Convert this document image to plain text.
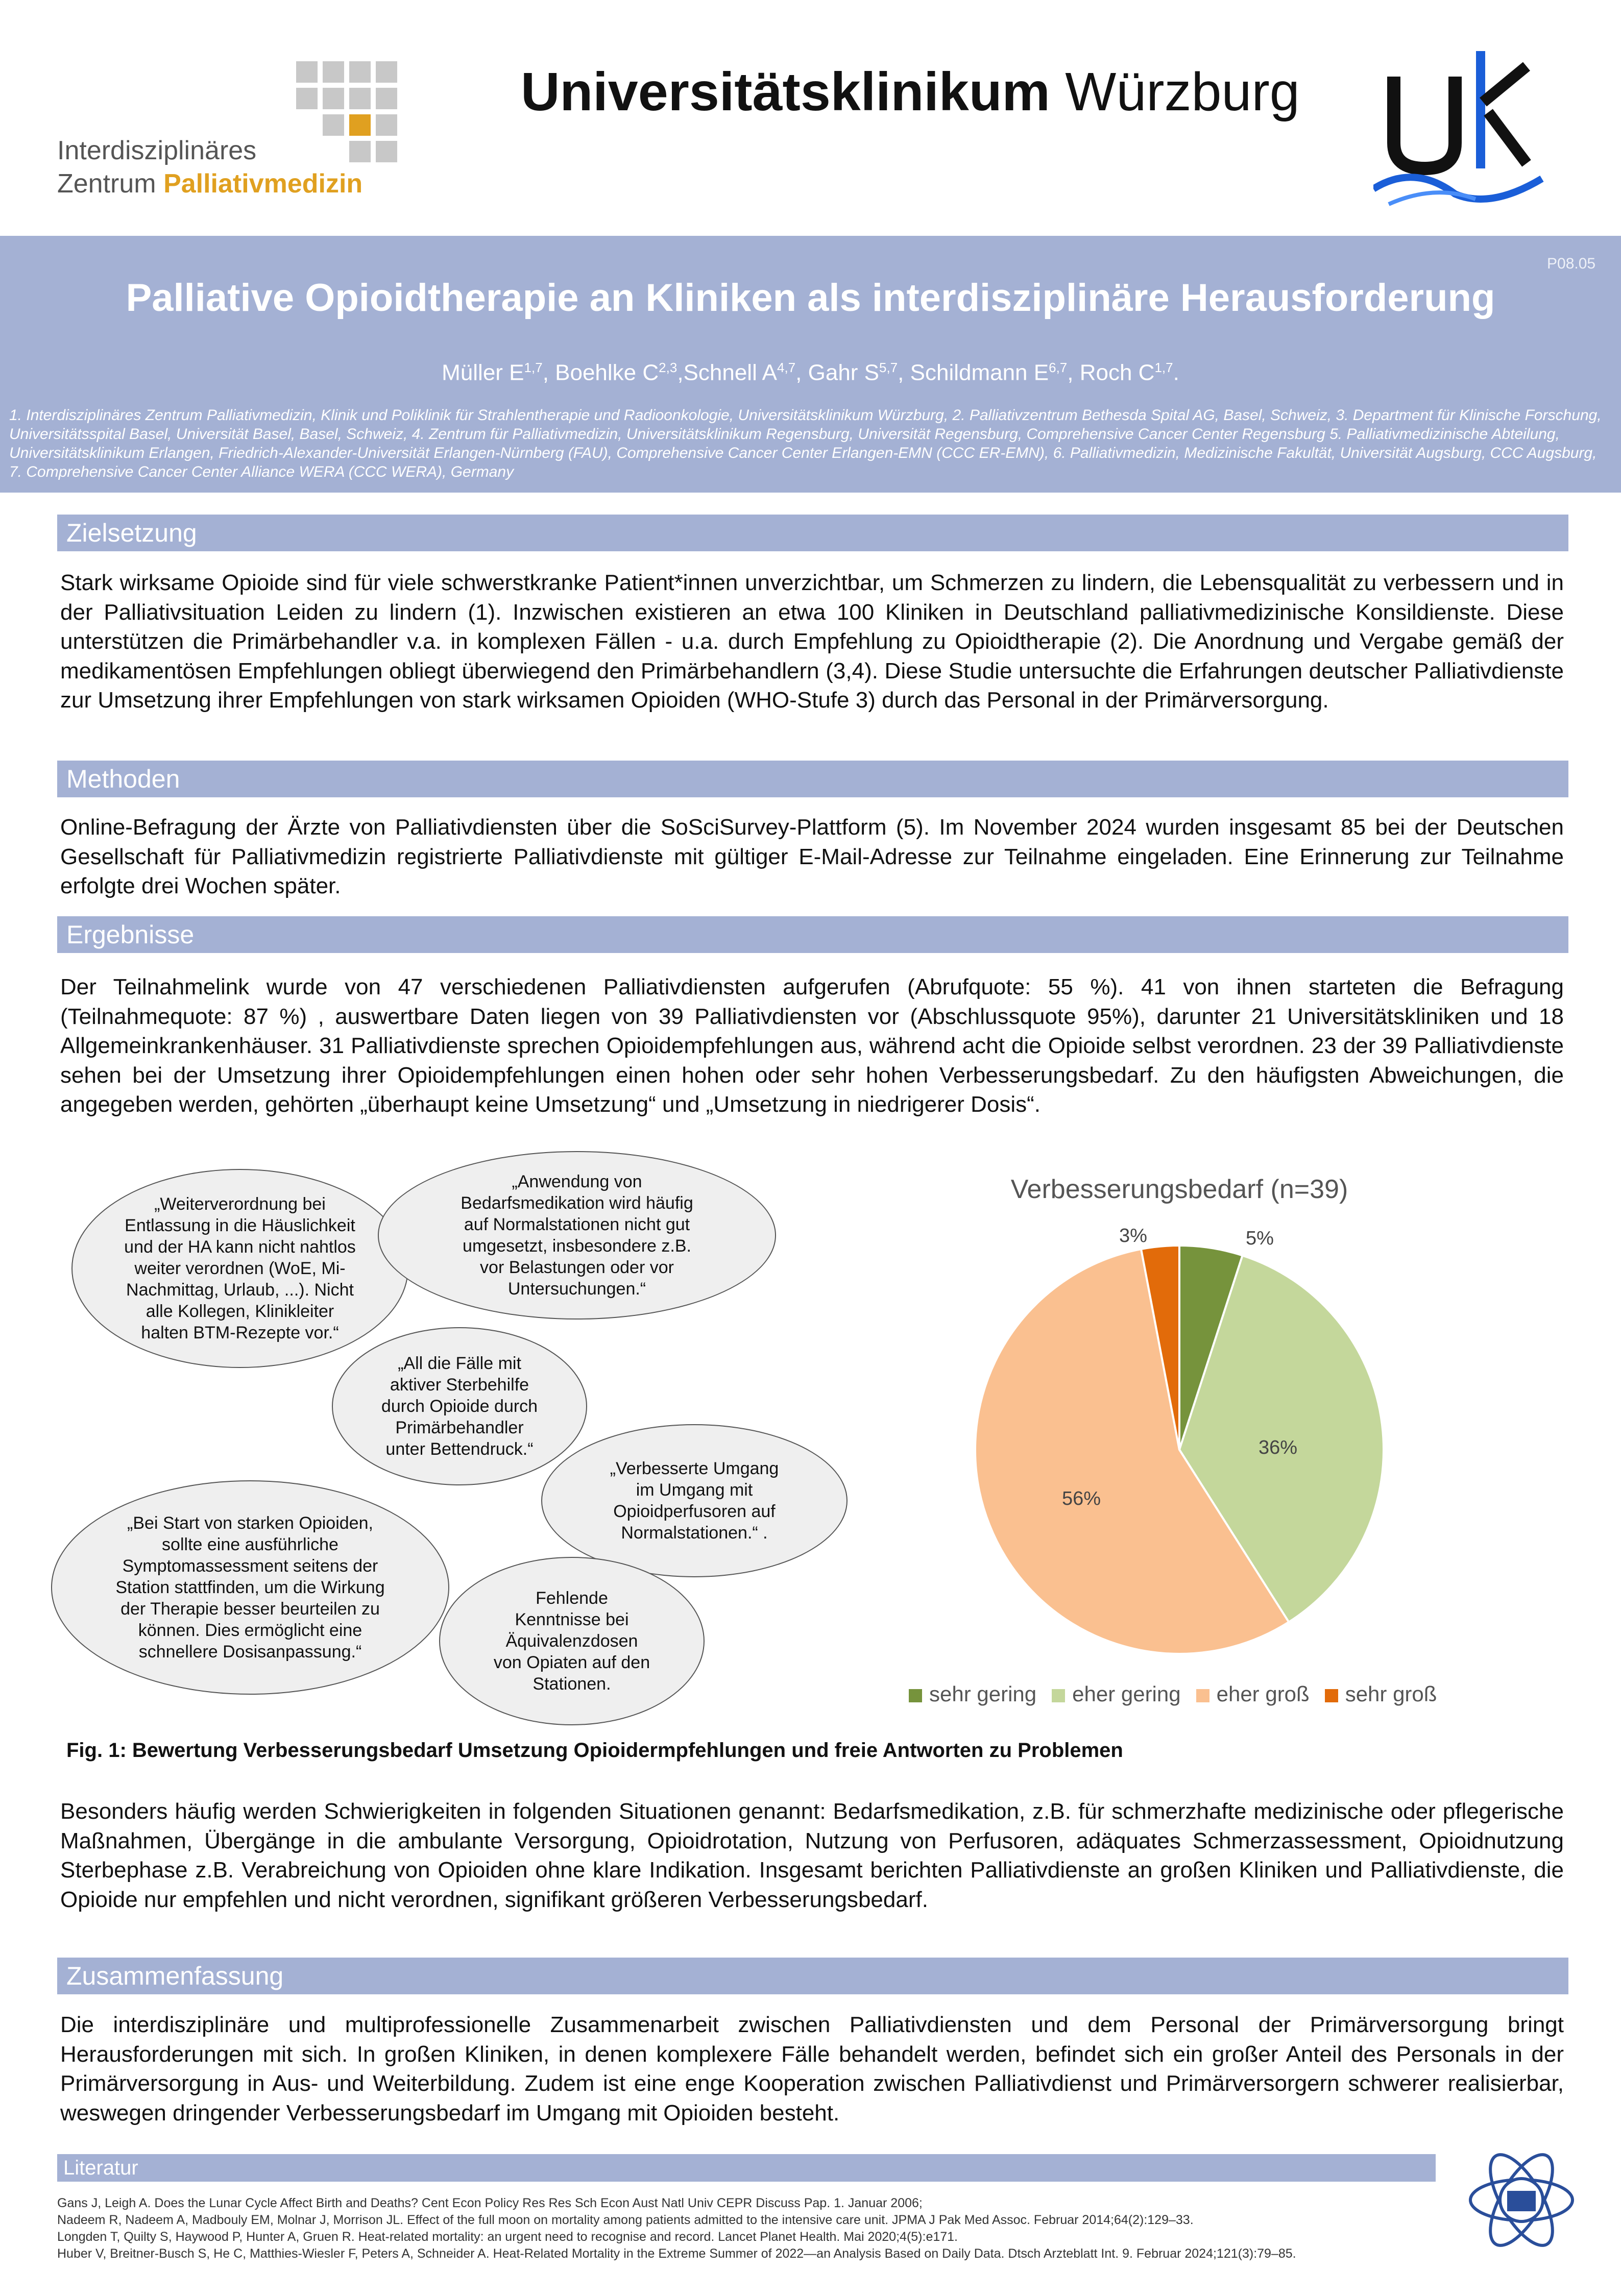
Interdisziplinäres
Zentrum Palliativmedizin
Universitätsklinikum Würzburg
P08.05
Palliative Opioidtherapie an Kliniken als interdisziplinäre Herausforderung
Müller E$^{1,7}$, Boehlke C$^{2,3}$,Schnell A$^{4,7}$, Gahr S$^{5,7}$, Schildmann E$^{6,7}$, Roch C$^{1,7}$.
1. Interdisziplinäres Zentrum Palliativmedizin, Klinik und Poliklinik für Strahlentherapie und Radioonkologie, Universitätsklinikum Würzburg, 2. Palliativzentrum Bethesda Spital AG, Basel, Schweiz, 3. Department für Klinische Forschung, Universitätsspital Basel, Universität Basel, Basel, Schweiz, 4. Zentrum für Palliativmedizin, Universitätsklinikum Regensburg, Universität Regensburg, Comprehensive Cancer Center Regensburg 5. Palliativmedizinische Abteilung, Universitätsklinikum Erlangen, Friedrich-Alexander-Universität Erlangen-Nürnberg (FAU), Comprehensive Cancer Center Erlangen-EMN (CCC ER-EMN), 6. Palliativmedizin, Medizinische Fakultät, Universität Augsburg, CCC Augsburg, 7. Comprehensive Cancer Center Alliance WERA (CCC WERA), Germany
Zielsetzung
Stark wirksame Opioide sind für viele schwerstkranke Patient*innen unverzichtbar, um Schmerzen zu lindern, die Lebensqualität zu verbessern und in der Palliativsituation Leiden zu lindern (1). Inzwischen existieren an etwa 100 Kliniken in Deutschland palliativmedizinische Konsildienste. Diese unterstützen die Primärbehandler v.a. in komplexen Fällen - u.a. durch Empfehlung zu Opioidtherapie (2). Die Anordnung und Vergabe gemäß der medikamentösen Empfehlungen obliegt überwiegend den Primärbehandlern (3,4). Diese Studie untersuchte die Erfahrungen deutscher Palliativdienste zur Umsetzung ihrer Empfehlungen von stark wirksamen Opioiden (WHO-Stufe 3) durch das Personal in der Primärversorgung.
Methoden
Online-Befragung der Ärzte von Palliativdiensten über die SoSciSurvey-Plattform (5). Im November 2024 wurden insgesamt 85 bei der Deutschen Gesellschaft für Palliativmedizin registrierte Palliativdienste mit gültiger E-Mail-Adresse zur Teilnahme eingeladen. Eine Erinnerung zur Teilnahme erfolgte drei Wochen später.
Ergebnisse
Der Teilnahmelink wurde von 47 verschiedenen Palliativdiensten aufgerufen (Abrufquote: 55 %). 41 von ihnen starteten die Befragung (Teilnahmequote: 87 %) , auswertbare Daten liegen von 39 Palliativdiensten vor (Abschlussquote 95%), darunter 21 Universitätskliniken und 18 Allgemeinkrankenhäuser. 31 Palliativdienste sprechen Opioidempfehlungen aus, während acht die Opioide selbst verordnen. 23 der 39 Palliativdienste sehen bei der Umsetzung ihrer Opioidempfehlungen einen hohen oder sehr hohen Verbesserungsbedarf. Zu den häufigsten Abweichungen, die angegeben werden, gehörten „überhaupt keine Umsetzung“ und „Umsetzung in niedrigerer Dosis“.
„Weiterverordnung bei
Entlassung in die Häuslichkeit
und der HA kann nicht nahtlos
weiter verordnen (WoE, Mi-
Nachmittag, Urlaub, ...). Nicht
alle Kollegen, Klinikleiter
halten BTM-Rezepte vor.“
„Anwendung von
Bedarfsmedikation wird häufig
auf Normalstationen nicht gut
umgesetzt, insbesondere z.B.
vor Belastungen oder vor
Untersuchungen.“
„All die Fälle mit
aktiver Sterbehilfe
durch Opioide durch
Primärbehandler
unter Bettendruck.“
„Verbesserte Umgang
im Umgang mit
Opioidperfusoren auf
Normalstationen.“ .
„Bei Start von starken Opioiden,
sollte eine ausführliche
Symptomassessment seitens der
Station stattfinden, um die Wirkung
der Therapie besser beurteilen zu
können. Dies ermöglicht eine
schnellere Dosisanpassung.“
Fehlende
Kenntnisse bei
Äquivalenzdosen
von Opiaten auf den
Stationen.
Verbesserungsbedarf (n=39)
5%
36%
56%
3%
sehr gering eher gering eher groß sehr groß
Fig. 1: Bewertung Verbesserungsbedarf Umsetzung Opioidermpfehlungen und freie Antworten zu Problemen
Besonders häufig werden Schwierigkeiten in folgenden Situationen genannt: Bedarfsmedikation, z.B. für schmerzhafte medizinische oder pflegerische Maßnahmen, Übergänge in die ambulante Versorgung, Opioidrotation, Nutzung von Perfusoren, adäquates Schmerzassessment, Opioidnutzung Sterbephase z.B. Verabreichung von Opioiden ohne klare Indikation. Insgesamt berichten Palliativdienste an großen Kliniken und Palliativdienste, die Opioide nur empfehlen und nicht verordnen, signifikant größeren Verbesserungsbedarf.
Zusammenfassung
Die interdisziplinäre und multiprofessionelle Zusammenarbeit zwischen Palliativdiensten und dem Personal der Primärversorgung bringt Herausforderungen mit sich. In großen Kliniken, in denen komplexere Fälle behandelt werden, befindet sich ein großer Anteil des Personals in der Primärversorgung in Aus- und Weiterbildung. Zudem ist eine enge Kooperation zwischen Palliativdienst und Primärversorgern schwerer realisierbar, weswegen dringender Verbesserungsbedarf im Umgang mit Opioiden besteht.
Literatur
Gans J, Leigh A. Does the Lunar Cycle Affect Birth and Deaths? Cent Econ Policy Res Res Sch Econ Aust Natl Univ CEPR Discuss Pap. 1. Januar 2006;
Nadeem R, Nadeem A, Madbouly EM, Molnar J, Morrison JL. Effect of the full moon on mortality among patients admitted to the intensive care unit. JPMA J Pak Med Assoc. Februar 2014;64(2):129–33.
Longden T, Quilty S, Haywood P, Hunter A, Gruen R. Heat-related mortality: an urgent need to recognise and record. Lancet Planet Health. Mai 2020;4(5):e171.
Huber V, Breitner-Busch S, He C, Matthies-Wiesler F, Peters A, Schneider A. Heat-Related Mortality in the Extreme Summer of 2022—an Analysis Based on Daily Data. Dtsch Arzteblatt Int. 9. Februar 2024;121(3):79–85.
